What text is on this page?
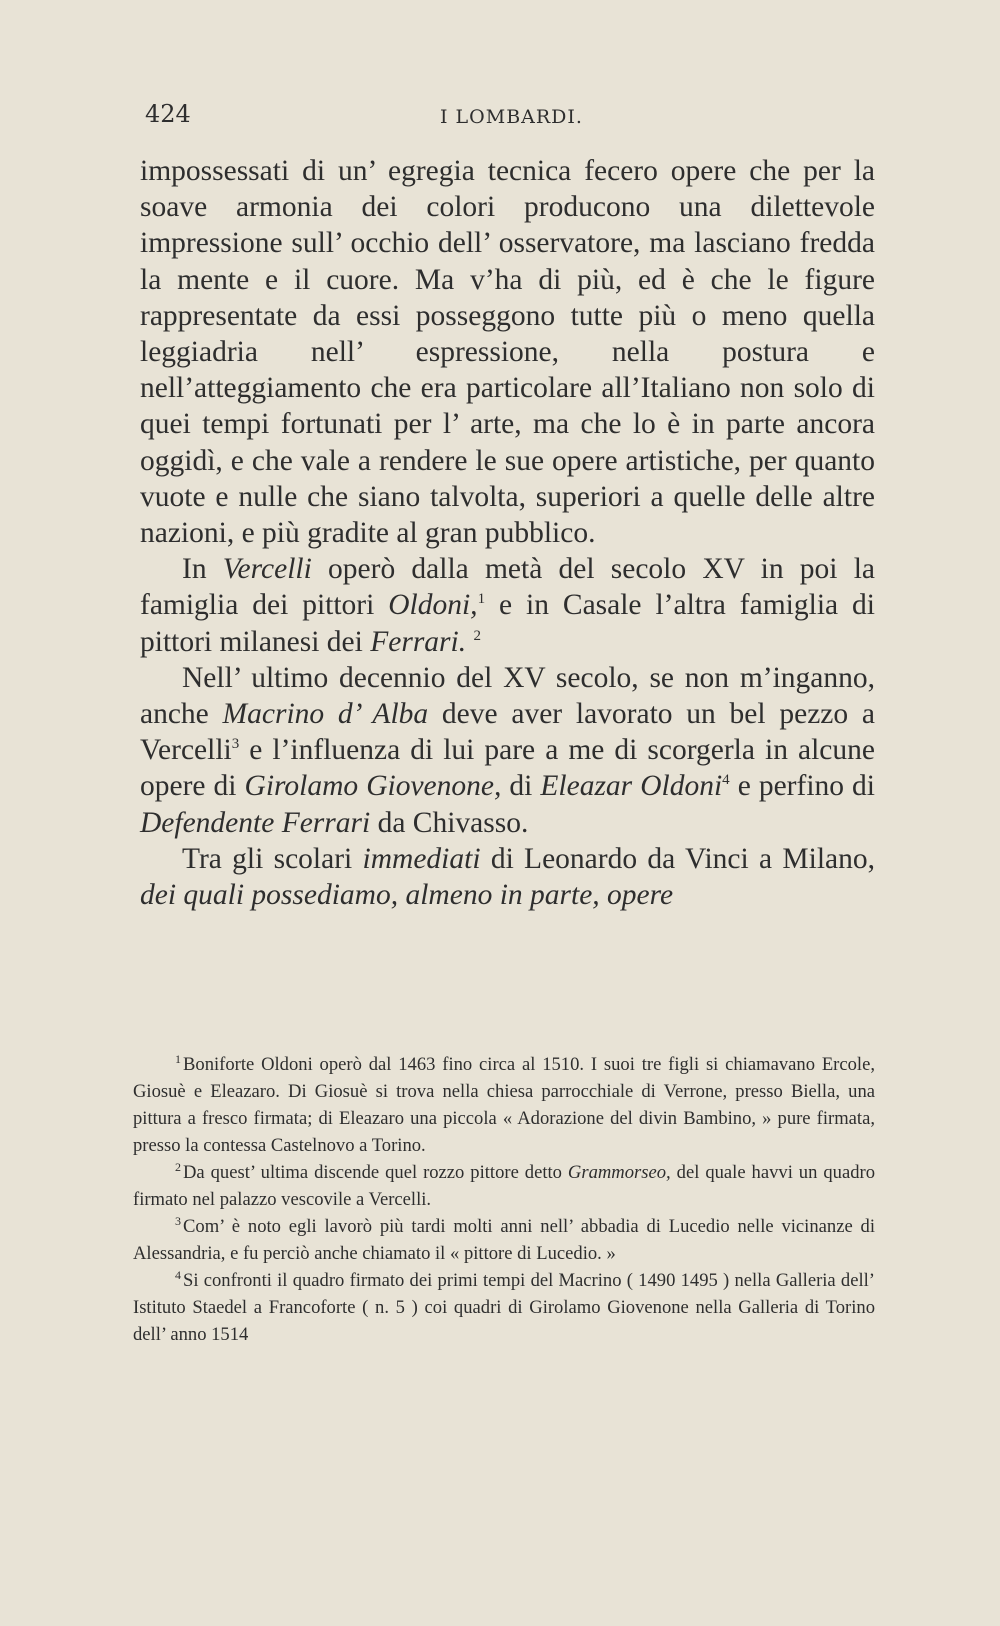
424	I LOMBARDI.

impossessati di un’ egregia tecnica fecero opere che per la soave armonia dei colori producono una dilettevole impressione sull’ occhio dell’ osservatore, ma lasciano fredda la mente e il cuore. Ma v’ha di più, ed è che le figure rappresentate da essi posseggono tutte più o meno quella leggiadria nell’ espressione, nella postura e nell’atteggiamento che era particolare all’Italiano non solo di quei tempi fortunati per l’ arte, ma che lo è in parte ancora oggidì, e che vale a rendere le sue opere artistiche, per quanto vuote e nulle che siano talvolta, superiori a quelle delle altre nazioni, e più gradite al gran pubblico.

In Vercelli operò dalla metà del secolo XV in poi la famiglia dei pittori Oldoni,$^1$ e in Casale l’altra famiglia di pittori milanesi dei Ferrari. $^2$

Nell’ ultimo decennio del XV secolo, se non m’ingannο, anche Macrino d’ Alba deve aver lavorato un bel pezzo a Vercelli$^3$ e l’influenza di lui pare a me di scorgerla in alcune opere di Girolamo Giovenone, di Eleazar Oldoni$^4$ e perfino di Defendente Ferrari da Chivasso.

Tra gli scolari immediati di Leonardo da Vinci a Milano, dei quali possediamo, almeno in parte, opere

$^1$ Boniforte Oldoni operò dal 1463 fino circa al 1510. I suoi tre figli si chiamavano Ercole, Giosuè e Eleazaro. Di Giosuè si trova nella chiesa parrocchiale di Verrone, presso Biella, una pittura a fresco firmata; di Eleazaro una piccola « Adorazione del divin Bambino, » pure firmata, presso la contessa Castelnovo a Torino.

$^2$ Da quest’ ultima discende quel rozzo pittore detto Grammorseo, del quale havvi un quadro firmato nel palazzo vescovile a Vercelli.

$^3$ Com’ è noto egli lavorò più tardi molti anni nell’ abbadia di Lucedio nelle vicinanze di Alessandria, e fu perciò anche chiamato il « pittore di Lucedio. »

$^4$ Si confronti il quadro firmato dei primi tempi del Macrino ( 1490 1495 ) nella Galleria dell’ Istituto Staedel a Francoforte ( n. 5 ) coi quadri di Girolamo Giovenone nella Galleria di Torino dell’ anno 1514
